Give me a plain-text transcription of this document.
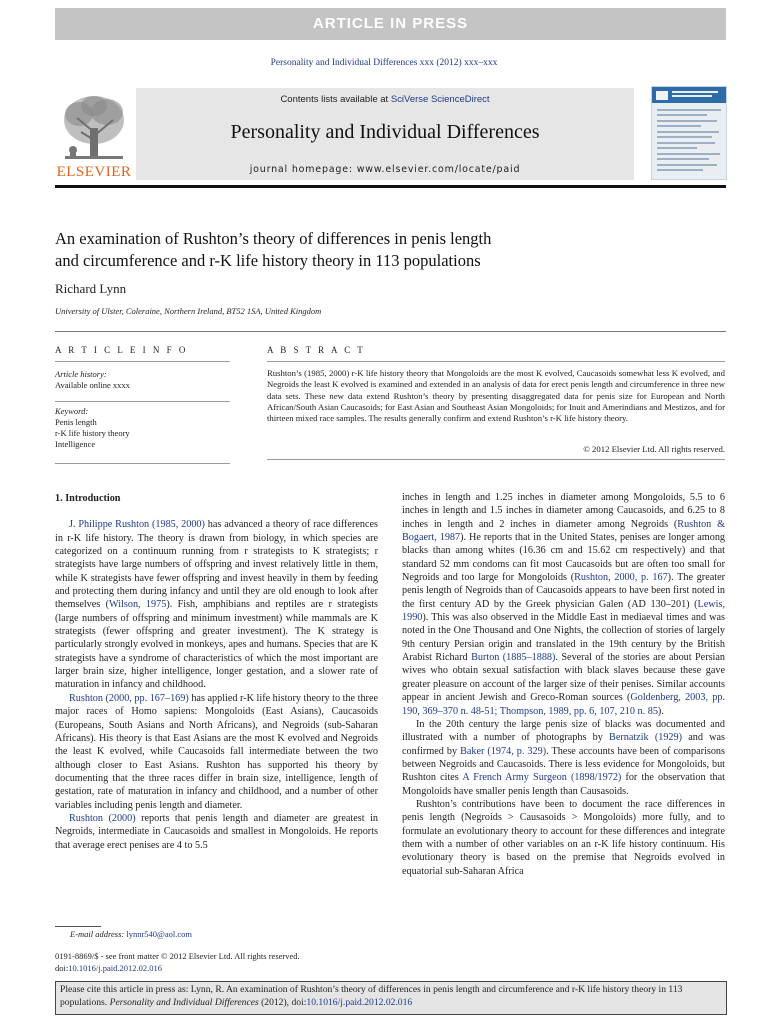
ARTICLE IN PRESS
Personality and Individual Differences xxx (2012) xxx–xxx
ELSEVIER
Contents lists available at SciVerse ScienceDirect
Personality and Individual Differences
journal homepage: www.elsevier.com/locate/paid
An examination of Rushton’s theory of differences in penis length
and circumference and r-K life history theory in 113 populations
Richard Lynn
University of Ulster, Coleraine, Northern Ireland, BT52 1SA, United Kingdom
A R T I C L E I N F O	A B S T R A C T
Article history:
Available online xxxx
Keyword:
Penis length
r-K life history theory
Intelligence

Rushton’s (1985, 2000) r-K life history theory that Mongoloids are the most K evolved, Caucasoids somewhat less K evolved, and Negroids the least K evolved is examined and extended in an analysis of data for erect penis length and circumference in three new data sets. These new data extend Rushton’s theory by presenting disaggregated data for penis size for European and North African/South Asian Caucasoids; for East Asian and Southeast Asian Mongoloids; for Inuit and Amerindians and Mestizos, and for thirteen mixed race samples. The results generally confirm and extend Rushton’s r-K life history theory.

© 2012 Elsevier Ltd. All rights reserved.

1. Introduction

J. Philippe Rushton (1985, 2000) has advanced a theory of race differences in r-K life history. The theory is drawn from biology, in which species are categorized on a continuum running from r strategists to K strategists; r strategists have large numbers of offspring and invest relatively little in them, while K strategists have fewer offspring and invest heavily in them by feeding and protecting them during infancy and until they are old enough to look after themselves (Wilson, 1975). Fish, amphibians and reptiles are r strategists (large numbers of offspring and minimum investment) while mammals are K strategists (fewer offspring and greater investment). The K strategy is particularly strongly evolved in monkeys, apes and humans. Species that are K strategists have a syndrome of characteristics of which the most important are larger brain size, higher intelligence, longer gestation, and a slower rate of maturation in infancy and childhood.

Rushton (2000, pp. 167–169) has applied r-K life history theory to the three major races of Homo sapiens: Mongoloids (East Asians), Caucasoids (Europeans, South Asians and North Africans), and Negroids (sub-Saharan Africans). His theory is that East Asians are the most K evolved and Negroids the least K evolved, while Caucasoids fall intermediate between the two although closer to East Asians. Rushton has supported his theory by documenting that the three races differ in brain size, intelligence, length of gestation, rate of maturation in infancy and childhood, and a number of other variables including penis length and diameter.

Rushton (2000) reports that penis length and diameter are greatest in Negroids, intermediate in Caucasoids and smallest in Mongoloids. He reports that average erect penises are 4 to 5.5

inches in length and 1.25 inches in diameter among Mongoloids, 5.5 to 6 inches in length and 1.5 inches in diameter among Caucasoids, and 6.25 to 8 inches in length and 2 inches in diameter among Negroids (Rushton & Bogaert, 1987). He reports that in the United States, penises are longer among blacks than among whites (16.36 cm and 15.62 cm respectively) and that standard 52 mm condoms can fit most Caucasoids but are often too small for Negroids and too large for Mongoloids (Rushton, 2000, p. 167). The greater penis length of Negroids than of Caucasoids appears to have been first noted in the first century AD by the Greek physician Galen (AD 130–201) (Lewis, 1990). This was also observed in the Middle East in mediaeval times and was noted in the One Thousand and One Nights, the collection of stories of largely 9th century Persian origin and translated in the 19th century by the British Arabist Richard Burton (1885–1888). Several of the stories are about Persian wives who obtain sexual satisfaction with black slaves because these gave greater pleasure on account of the larger size of their penises. Similar accounts appear in ancient Jewish and Greco-Roman sources (Goldenberg, 2003, pp. 190, 369–370 n. 48-51; Thompson, 1989, pp. 6, 107, 210 n. 85).

In the 20th century the large penis size of blacks was documented and illustrated with a number of photographs by Bernatzik (1929) and was confirmed by Baker (1974, p. 329). These accounts have been of comparisons between Negroids and Caucasoids. There is less evidence for Mongoloids, but Rushton cites A French Army Surgeon (1898/1972) for the observation that Mongoloids have smaller penis length than Causasoids.

Rushton’s contributions have been to document the race differences in penis length (Negroids > Causasoids > Mongoloids) more fully, and to formulate an evolutionary theory to account for these differences and integrate them with a number of other variables on an r-K life history continuum. His evolutionary theory is based on the premise that Negroids evolved in equatorial sub-Saharan Africa

E-mail address: lynnr540@aol.com
0191-8869/$ - see front matter © 2012 Elsevier Ltd. All rights reserved.
doi:10.1016/j.paid.2012.02.016
Please cite this article in press as: Lynn, R. An examination of Rushton’s theory of differences in penis length and circumference and r-K life history theory in 113 populations. Personality and Individual Differences (2012), doi:10.1016/j.paid.2012.02.016
